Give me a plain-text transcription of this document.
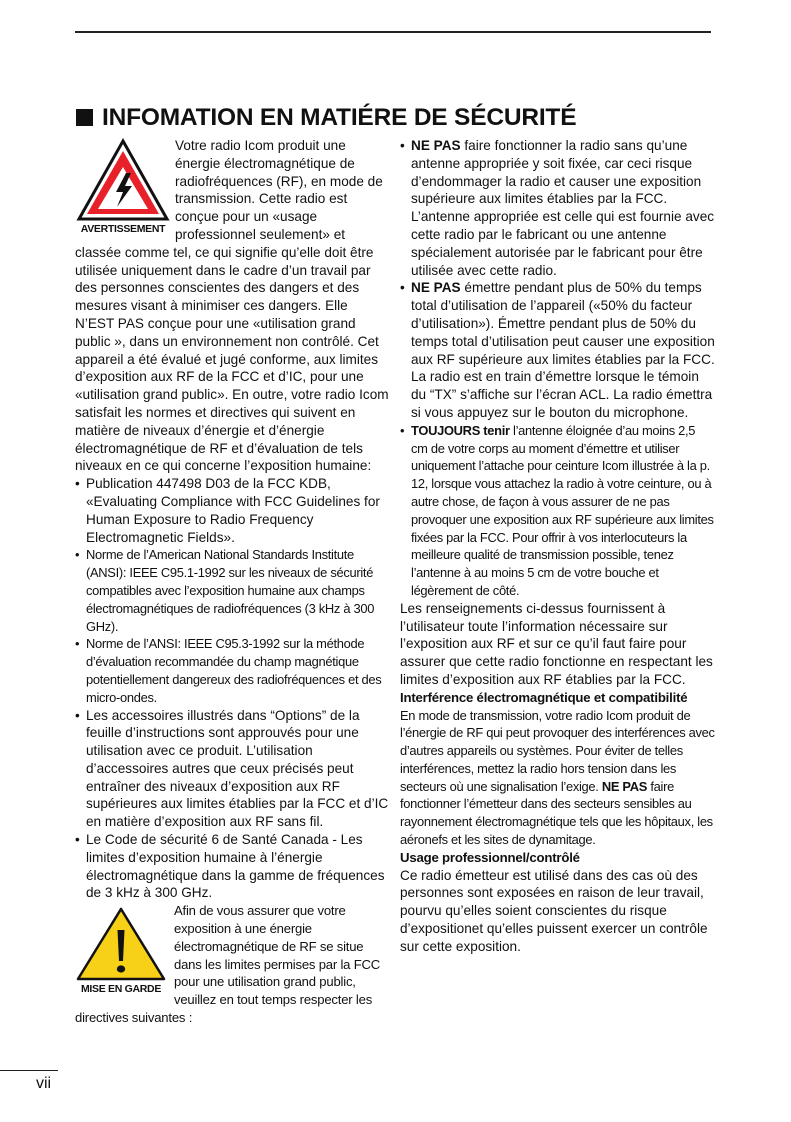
INFOMATION EN MATIÉRE DE SÉCURITÉ
AVERTISSEMENT

Votre radio Icom produit une énergie électromagnétique de radiofréquences (RF), en mode de transmission. Cette radio est conçue pour un «usage professionnel seulement» et classée comme tel, ce qui signifie qu’elle doit être utilisée uniquement dans le cadre d’un travail par des personnes conscientes des dangers et des mesures visant à minimiser ces dangers. Elle N’EST PAS conçue pour une «utilisation grand public », dans un environnement non contrôlé. Cet appareil a été évalué et jugé conforme, aux limites d’exposition aux RF de la FCC et d’IC, pour une «utilisation grand public». En outre, votre radio Icom satisfait les normes et directives qui suivent en matière de niveaux d’énergie et d’énergie électromagnétique de RF et d’évaluation de tels niveaux en ce qui concerne l’exposition humaine:

• Publication 447498 D03 de la FCC KDB, «Evaluating Compliance with FCC Guidelines for Human Exposure to Radio Frequency Electromagnetic Fields».
• Norme de l’American National Standards Institute (ANSI): IEEE C95.1-1992 sur les niveaux de sécurité compatibles avec l’exposition humaine aux champs électromagnétiques de radiofréquences (3 kHz à 300 GHz).
• Norme de l’ANSI: IEEE C95.3-1992 sur la méthode d’évaluation recommandée du champ magnétique potentiellement dangereux des radiofréquences et des micro-ondes.
• Les accessoires illustrés dans “Options” de la feuille d’instructions sont approuvés pour une utilisation avec ce produit. L’utilisation d’accessoires autres que ceux précisés peut entraîner des niveaux d’exposition aux RF supérieures aux limites établies par la FCC et d’IC en matière d’exposition aux RF sans fil.
• Le Code de sécurité 6 de Santé Canada - Les limites d’exposition humaine à l’énergie électromagnétique dans la gamme de fréquences de 3 kHz à 300 GHz.
MISE EN GARDE

Afin de vous assurer que votre exposition à une énergie électromagnétique de RF se situe dans les limites permises par la FCC pour une utilisation grand public, veuillez en tout temps respecter les directives suivantes :

• NE PAS faire fonctionner la radio sans qu’une antenne appropriée y soit fixée, car ceci risque d’endommager la radio et causer une exposition supérieure aux limites établies par la FCC. L’antenne appropriée est celle qui est fournie avec cette radio par le fabricant ou une antenne spécialement autorisée par le fabricant pour être utilisée avec cette radio.
• NE PAS émettre pendant plus de 50% du temps total d’utilisation de l’appareil («50% du facteur d’utilisation»). Émettre pendant plus de 50% du temps total d’utilisation peut causer une exposition aux RF supérieure aux limites établies par la FCC. La radio est en train d’émettre lorsque le témoin du “TX” s’affiche sur l’écran ACL. La radio émettra si vous appuyez sur le bouton du microphone.
• TOUJOURS tenir l’antenne éloignée d’au moins 2,5 cm de votre corps au moment d’émettre et utiliser uniquement l’attache pour ceinture Icom illustrée à la p. 12, lorsque vous attachez la radio à votre ceinture, ou à autre chose, de façon à vous assurer de ne pas provoquer une exposition aux RF supérieure aux limites fixées par la FCC. Pour offrir à vos interlocuteurs la meilleure qualité de transmission possible, tenez l’antenne à au moins 5 cm de votre bouche et légèrement de côté.

Les renseignements ci-dessus fournissent à l’utilisateur toute l’information nécessaire sur l’exposition aux RF et sur ce qu’il faut faire pour assurer que cette radio fonctionne en respectant les limites d’exposition aux RF établies par la FCC.

Interférence électromagnétique et compatibilité

En mode de transmission, votre radio Icom produit de l’énergie de RF qui peut provoquer des interférences avec d’autres appareils ou systèmes. Pour éviter de telles interférences, mettez la radio hors tension dans les secteurs où une signalisation l’exige. NE PAS faire fonctionner l’émetteur dans des secteurs sensibles au rayonnement électromagnétique tels que les hôpitaux, les aéronefs et les sites de dynamitage.

Usage professionnel/contrôlé

Ce radio émetteur est utilisé dans des cas où des personnes sont exposées en raison de leur travail, pourvu qu’elles soient conscientes du risque d’expositionet qu’elles puissent exercer un contrôle sur cette exposition.

vii
